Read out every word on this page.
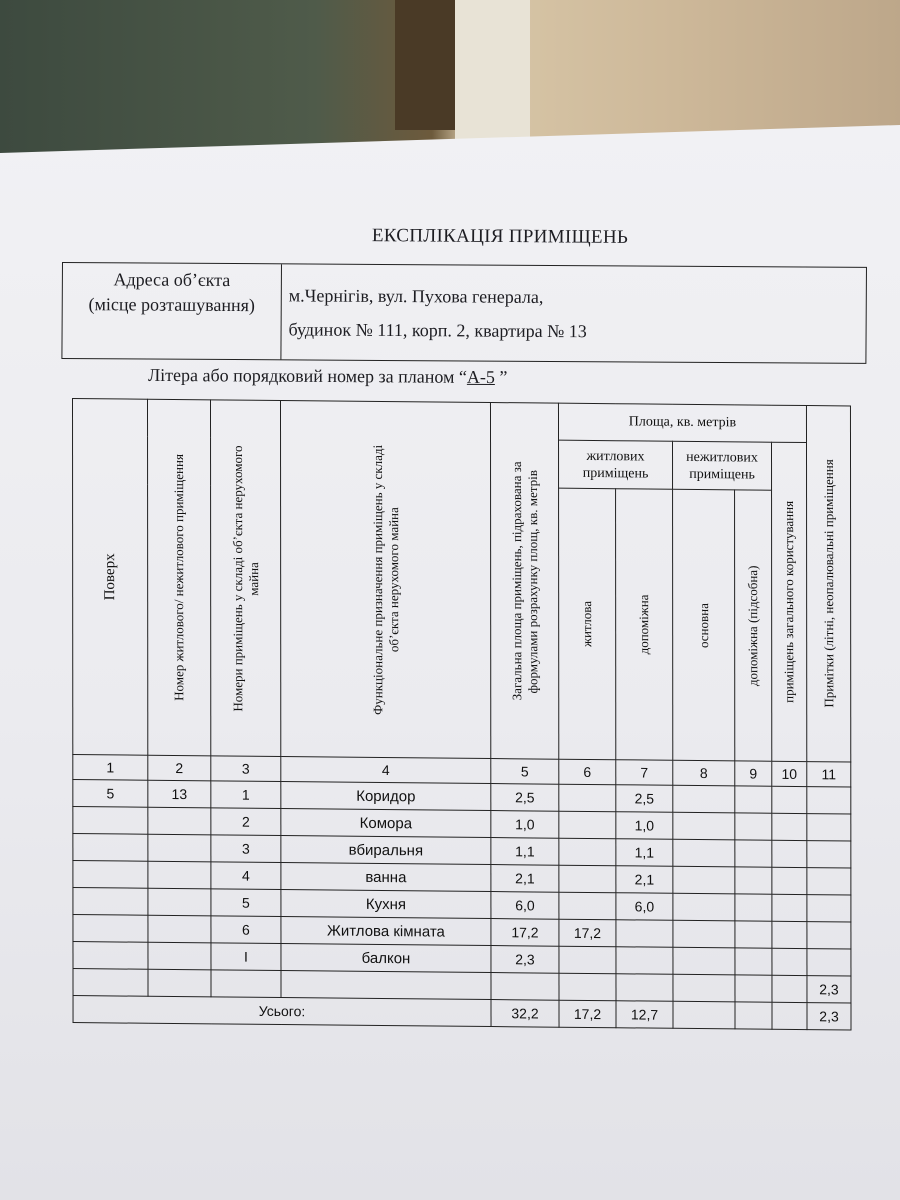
ЕКСПЛІКАЦІЯ ПРИМІЩЕНЬ
Адреса об’єкта
(місце розташування)	м.Чернігів, вул. Пухова генерала,
будинок № 111, корп. 2, квартира № 13
Літера або порядковий номер за планом “А-5 ”
Поверх	Номер житлового/ нежитлового приміщення	Номери приміщень у складі об’єкта нерухомого майна	Функціональне призначення приміщень у складі об’єкта нерухомого майна	Загальна площа приміщень, підрахована за формулами розрахунку площ, кв. метрів	Площа, кв. метрів					Примітки (літні, неопалювальні приміщення

					житлових приміщень		нежитлових приміщень		приміщень загального користування	

					житлова	допоміжна	основна	допоміжна (підсобна)		

1	2	3	4	5	6	7	8	9	10	11
5	13	1	Коридор	2,5		2,5				
		2	Комора	1,0		1,0				
		3	вбиральня	1,1		1,1				
		4	ванна	2,1		2,1				
		5	Кухня	6,0		6,0				
		6	Житлова кімната	17,2	17,2					
		I	балкон	2,3						
										2,3
Усього:				32,2	17,2	12,7				2,3
